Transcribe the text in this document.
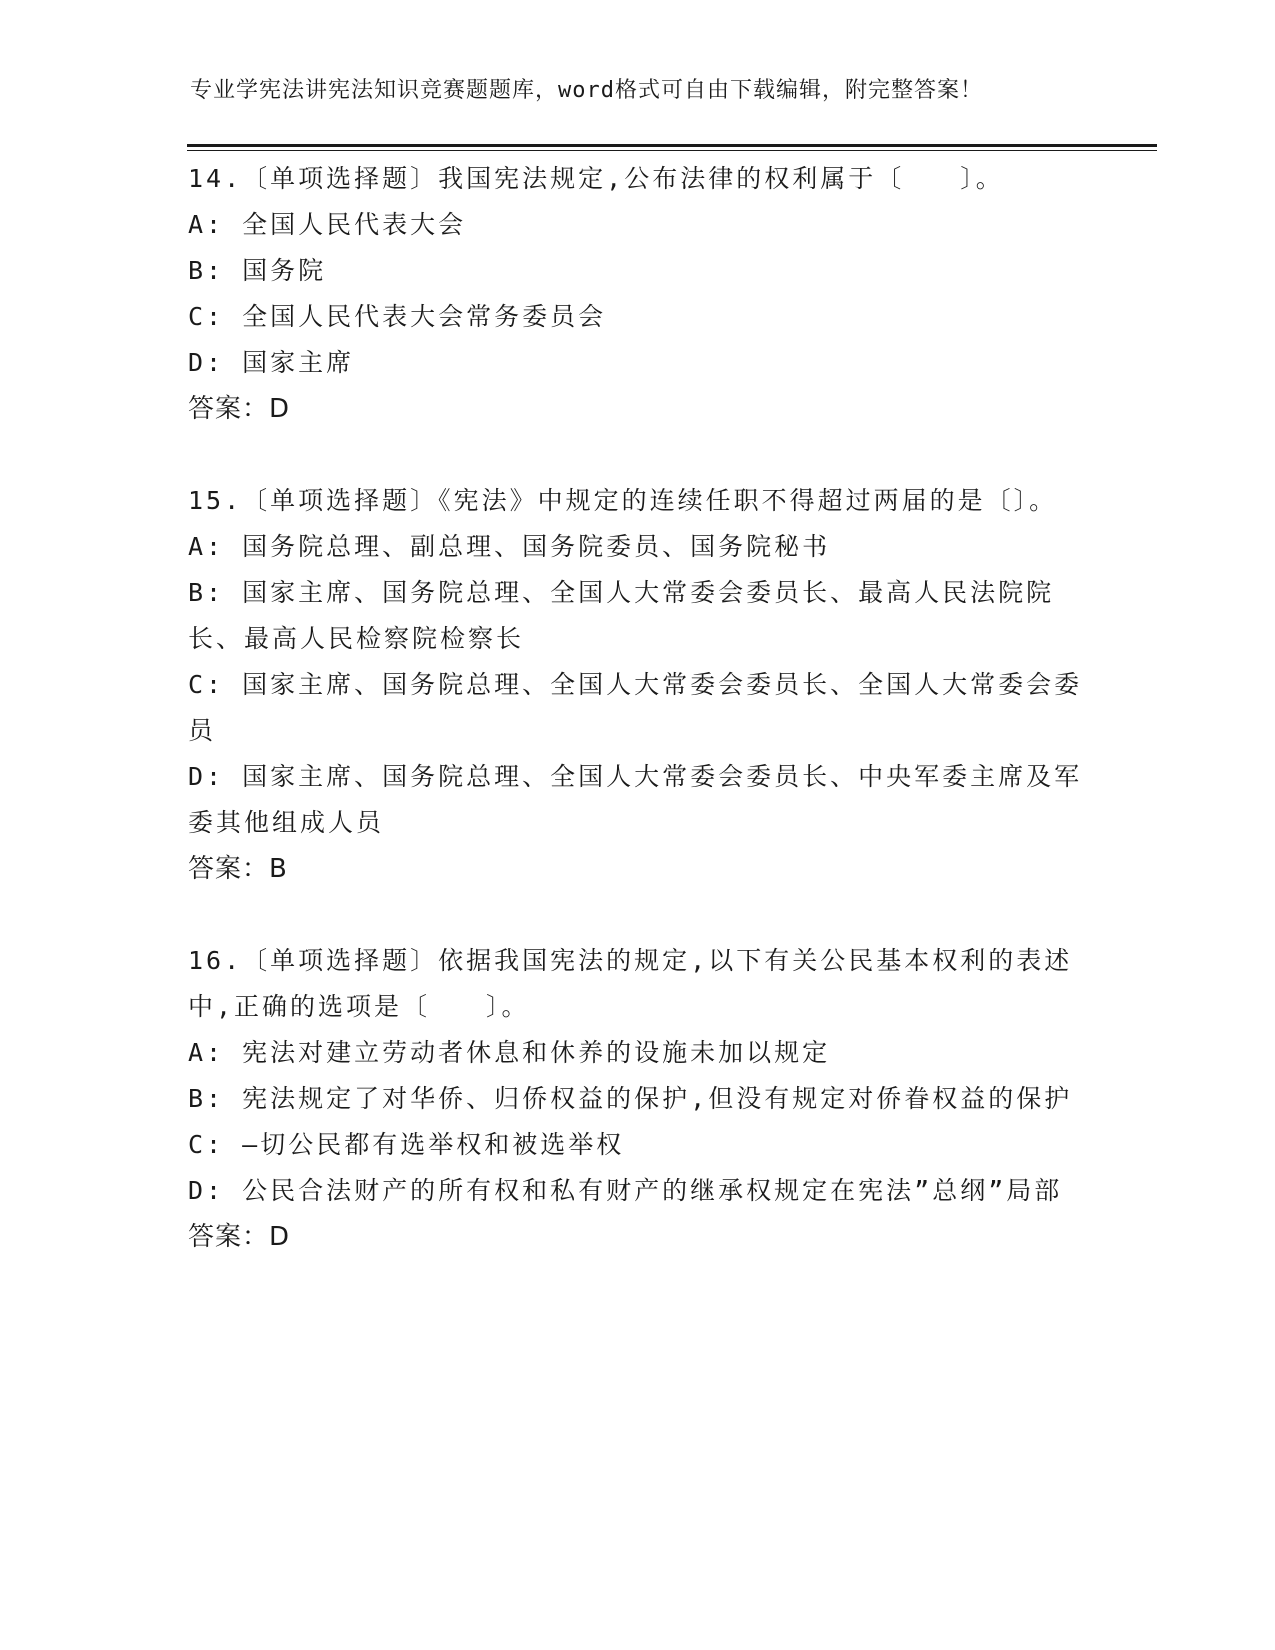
专业学宪法讲宪法知识竞赛题题库，word格式可自由下载编辑，附完整答案！
14.〔单项选择题〕我国宪法规定,公布法律的权利属于〔　　〕。
A: 全国人民代表大会
B: 国务院
C: 全国人民代表大会常务委员会
D: 国家主席
答案：D
15.〔单项选择题〕《宪法》中规定的连续任职不得超过两届的是〔〕。
A: 国务院总理、副总理、国务院委员、国务院秘书
B: 国家主席、国务院总理、全国人大常委会委员长、最高人民法院院长、最高人民检察院检察长
C: 国家主席、国务院总理、全国人大常委会委员长、全国人大常委会委员
D: 国家主席、国务院总理、全国人大常委会委员长、中央军委主席及军委其他组成人员
答案：B
16.〔单项选择题〕依据我国宪法的规定,以下有关公民基本权利的表述中,正确的选项是〔　　〕。
A: 宪法对建立劳动者休息和休养的设施未加以规定
B: 宪法规定了对华侨、归侨权益的保护,但没有规定对侨眷权益的保护
C: —切公民都有选举权和被选举权
D: 公民合法财产的所有权和私有财产的继承权规定在宪法”总纲”局部
答案：D
